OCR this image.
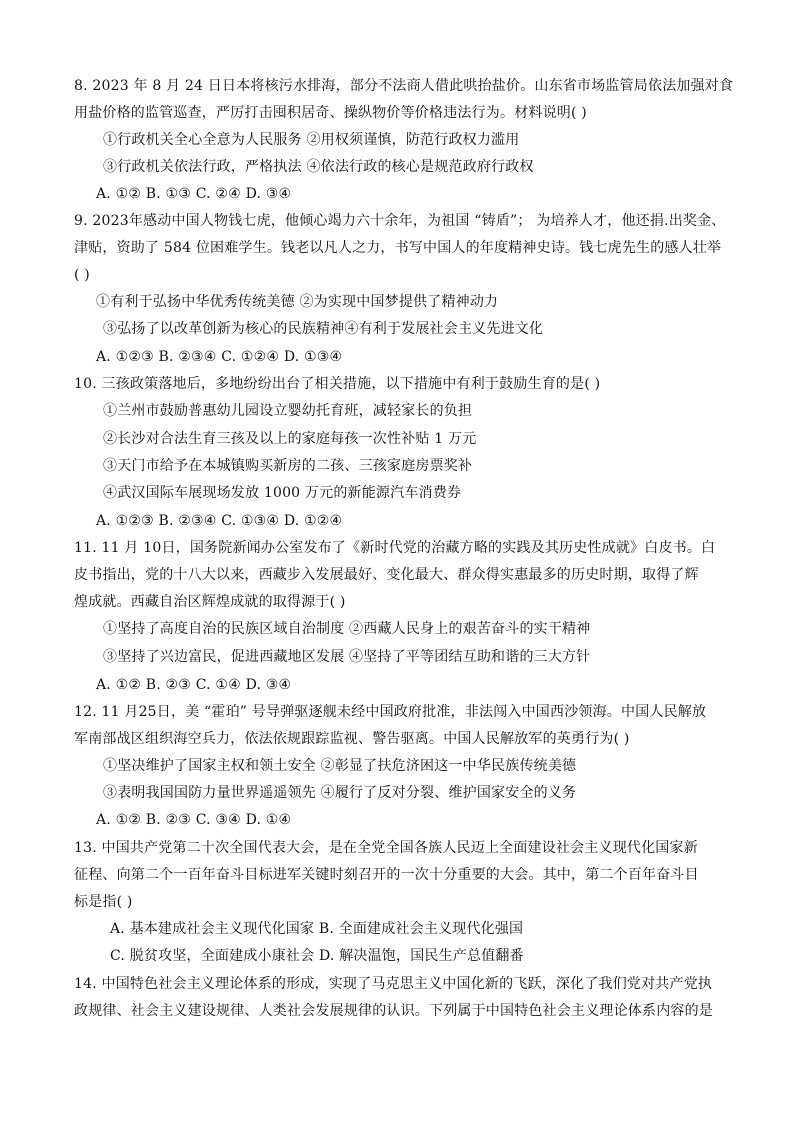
8. 2023 年 8 月 24 日日本将核污水排海，部分不法商人借此哄抬盐价。山东省市场监管局依法加强对食
用盐价格的监管巡查，严厉打击囤积居奇、操纵物价等价格违法行为。材料说明( )
①行政机关全心全意为人民服务 ②用权须谨慎，防范行政权力滥用
③行政机关依法行政，严格执法 ④依法行政的核心是规范政府行政权
A. ①② B. ①③ C. ②④ D. ③④
9. 2023年感动中国人物钱七虎，他倾心竭力六十余年，为祖国 “铸盾”； 为培养人才，他还捐.出奖金、
津贴，资助了 584 位困难学生。钱老以凡人之力，书写中国人的年度精神史诗。钱七虎先生的感人壮举
( )
①有利于弘扬中华优秀传统美德 ②为实现中国梦提供了精神动力
③弘扬了以改革创新为核心的民族精神④有利于发展社会主义先进文化
A. ①②③ B. ②③④ C. ①②④ D. ①③④
10. 三孩政策落地后，多地纷纷出台了相关措施，以下措施中有利于鼓励生育的是( )
①兰州市鼓励普惠幼儿园设立婴幼托育班，减轻家长的负担
②长沙对合法生育三孩及以上的家庭每孩一次性补贴 1 万元
③天门市给予在本城镇购买新房的二孩、三孩家庭房票奖补
④武汉国际车展现场发放 1000 万元的新能源汽车消费券
A. ①②③ B. ②③④ C. ①③④ D. ①②④
11. 11 月 10日，国务院新闻办公室发布了《新时代党的治藏方略的实践及其历史性成就》白皮书。白
皮书指出，党的十八大以来，西藏步入发展最好、变化最大、群众得实惠最多的历史时期，取得了辉
煌成就。西藏自治区辉煌成就的取得源于( )
①坚持了高度自治的民族区域自治制度 ②西藏人民身上的艰苦奋斗的实干精神
③坚持了兴边富民，促进西藏地区发展 ④坚持了平等团结互助和谐的三大方针
A. ①② B. ②③ C. ①④ D. ③④
12. 11 月25日，美 “霍珀” 号导弹驱逐舰未经中国政府批准，非法闯入中国西沙领海。中国人民解放
军南部战区组织海空兵力，依法依规跟踪监视、警告驱离。中国人民解放军的英勇行为( )
①坚决维护了国家主权和领土安全 ②彰显了扶危济困这一中华民族传统美德
③表明我国国防力量世界遥遥领先 ④履行了反对分裂、维护国家安全的义务
A. ①② B. ②③ C. ③④ D. ①④
13. 中国共产党第二十次全国代表大会，是在全党全国各族人民迈上全面建设社会主义现代化国家新
征程、向第二个一百年奋斗目标进军关键时刻召开的一次十分重要的大会。其中，第二个百年奋斗目
标是指( )
A. 基本建成社会主义现代化国家 B. 全面建成社会主义现代化强国
C. 脱贫攻坚，全面建成小康社会 D. 解决温饱，国民生产总值翻番
14. 中国特色社会主义理论体系的形成，实现了马克思主义中国化新的飞跃，深化了我们党对共产党执
政规律、社会主义建设规律、人类社会发展规律的认识。下列属于中国特色社会主义理论体系内容的是
